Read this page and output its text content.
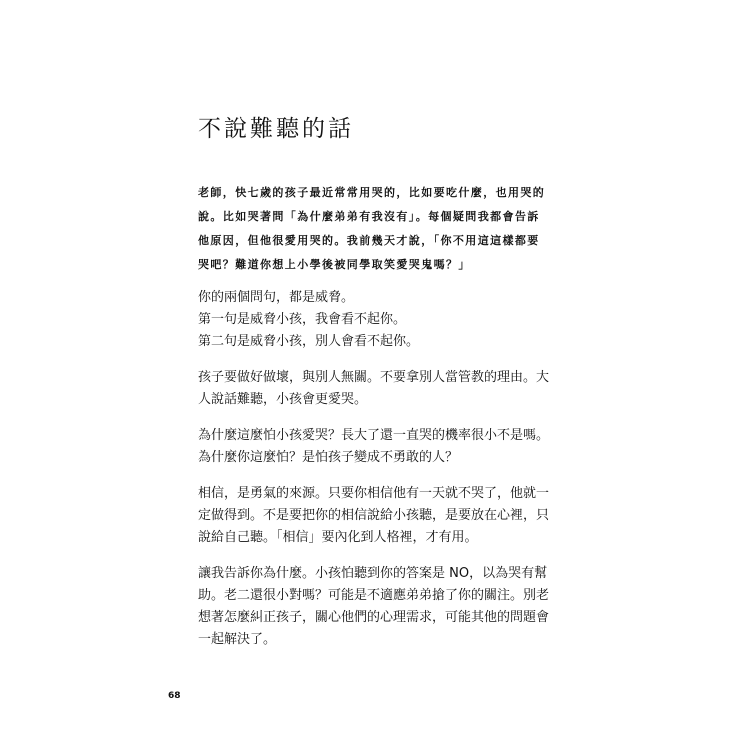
不說難聽的話
老師，快七歲的孩子最近常常用哭的，比如要吃什麼，也用哭的
說。比如哭著問「為什麼弟弟有我沒有」。每個疑問我都會告訴
他原因，但他很愛用哭的。我前幾天才說，「你不用這這樣都要
哭吧？難道你想上小學後被同學取笑愛哭鬼嗎？」

你的兩個問句，都是威脅。
第一句是威脅小孩，我會看不起你。
第二句是威脅小孩，別人會看不起你。

孩子要做好做壞，與別人無關。不要拿別人當管教的理由。大
人說話難聽，小孩會更愛哭。

為什麼這麼怕小孩愛哭？長大了還一直哭的機率很小不是嗎。
為什麼你這麼怕？是怕孩子變成不勇敢的人？

相信，是勇氣的來源。只要你相信他有一天就不哭了，他就一
定做得到。不是要把你的相信說給小孩聽，是要放在心裡，只
說給自己聽。「相信」要內化到人格裡，才有用。

讓我告訴你為什麼。小孩怕聽到你的答案是 NO，以為哭有幫
助。老二還很小對嗎？可能是不適應弟弟搶了你的關注。別老
想著怎麼糾正孩子，關心他們的心理需求，可能其他的問題會
一起解決了。

68
